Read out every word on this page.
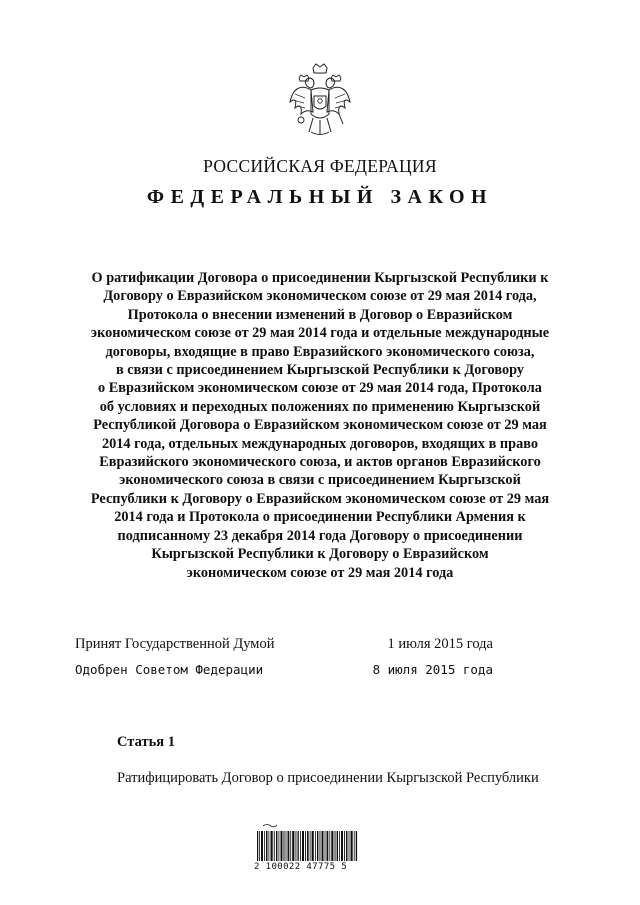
РОССИЙСКАЯ ФЕДЕРАЦИЯ
ФЕДЕРАЛЬНЫЙ ЗАКОН
О ратификации Договора о присоединении Кыргызской Республики к
Договору о Евразийском экономическом союзе от 29 мая 2014 года,
Протокола о внесении изменений в Договор о Евразийском
экономическом союзе от 29 мая 2014 года и отдельные международные
договоры, входящие в право Евразийского экономического союза,
в связи с присоединением Кыргызской Республики к Договору
о Евразийском экономическом союзе от 29 мая 2014 года, Протокола
об условиях и переходных положениях по применению Кыргызской
Республикой Договора о Евразийском экономическом союзе от 29 мая
2014 года, отдельных международных договоров, входящих в право
Евразийского экономического союза, и актов органов Евразийского
экономического союза в связи с присоединением Кыргызской
Республики к Договору о Евразийском экономическом союзе от 29 мая
2014 года и Протокола о присоединении Республики Армения к
подписанному 23 декабря 2014 года Договору о присоединении
Кыргызской Республики к Договору о Евразийском
экономическом союзе от 29 мая 2014 года
Принят Государственной Думой	1 июля 2015 года
Одобрен Советом Федерации	8 июля 2015 года
Статья 1
Ратифицировать Договор о присоединении Кыргызской Республики
2 100022 47775 5
